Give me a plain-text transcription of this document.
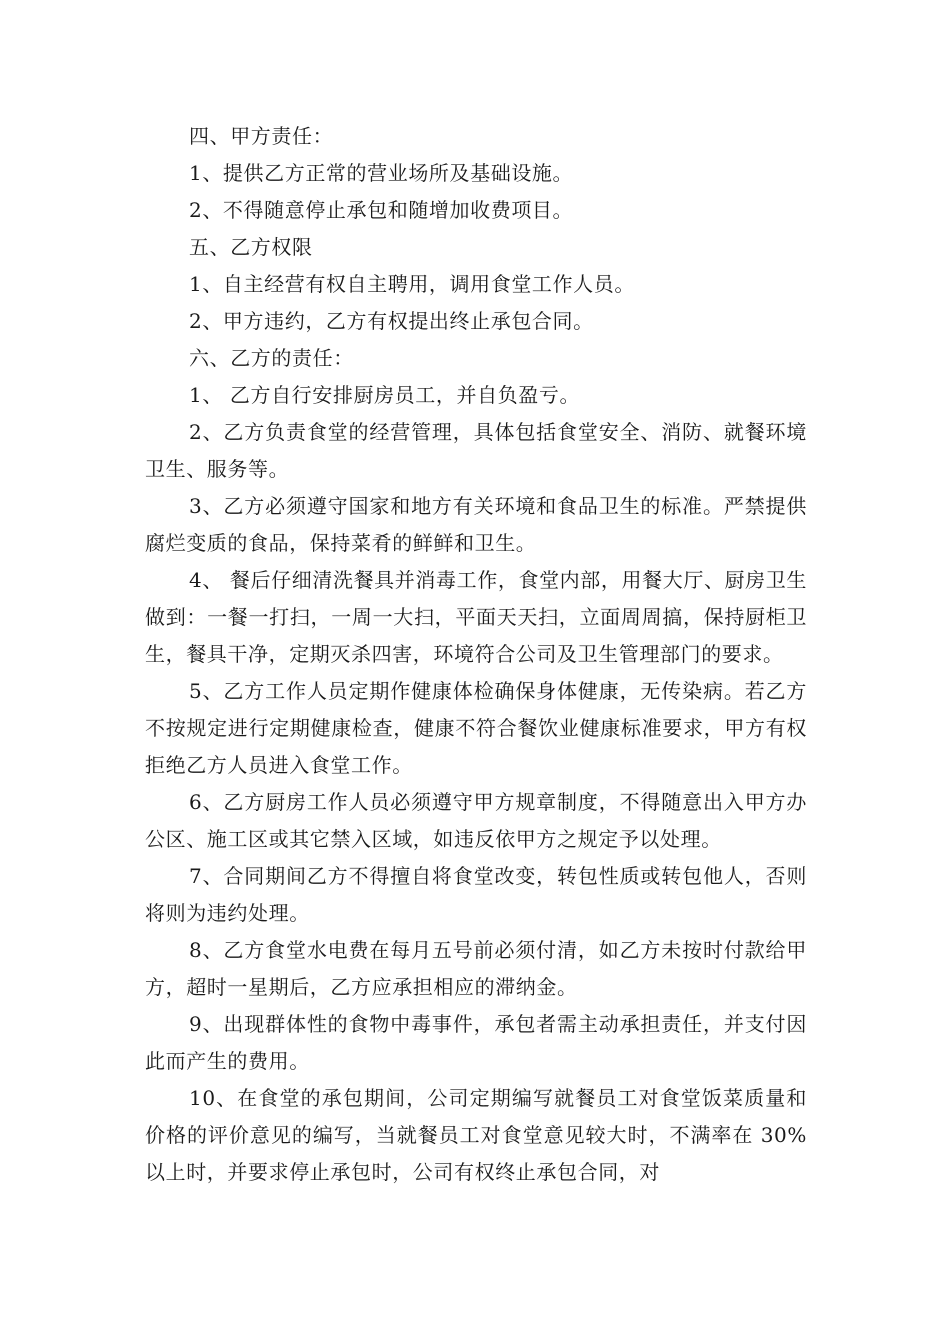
四、甲方责任：

1、提供乙方正常的营业场所及基础设施。

2、不得随意停止承包和随增加收费项目。

五、乙方权限

1、自主经营有权自主聘用，调用食堂工作人员。

2、甲方违约，乙方有权提出终止承包合同。

六、乙方的责任：

1、 乙方自行安排厨房员工，并自负盈亏。

2、乙方负责食堂的经营管理，具体包括食堂安全、消防、就餐环境卫生、服务等。

3、乙方必须遵守国家和地方有关环境和食品卫生的标准。严禁提供腐烂变质的食品，保持菜肴的鲜鲜和卫生。

4、 餐后仔细清洗餐具并消毒工作，食堂内部，用餐大厅、厨房卫生做到：一餐一打扫，一周一大扫，平面天天扫，立面周周搞，保持厨柜卫生，餐具干净，定期灭杀四害，环境符合公司及卫生管理部门的要求。

5、乙方工作人员定期作健康体检确保身体健康，无传染病。若乙方不按规定进行定期健康检查，健康不符合餐饮业健康标准要求，甲方有权拒绝乙方人员进入食堂工作。

6、乙方厨房工作人员必须遵守甲方规章制度，不得随意出入甲方办公区、施工区或其它禁入区域，如违反依甲方之规定予以处理。

7、合同期间乙方不得擅自将食堂改变，转包性质或转包他人，否则将则为违约处理。

8、乙方食堂水电费在每月五号前必须付清，如乙方未按时付款给甲方，超时一星期后，乙方应承担相应的滞纳金。

9、出现群体性的食物中毒事件，承包者需主动承担责任，并支付因此而产生的费用。

10、在食堂的承包期间，公司定期编写就餐员工对食堂饭菜质量和价格的评价意见的编写，当就餐员工对食堂意见较大时，不满率在 30%以上时，并要求停止承包时，公司有权终止承包合同，对
